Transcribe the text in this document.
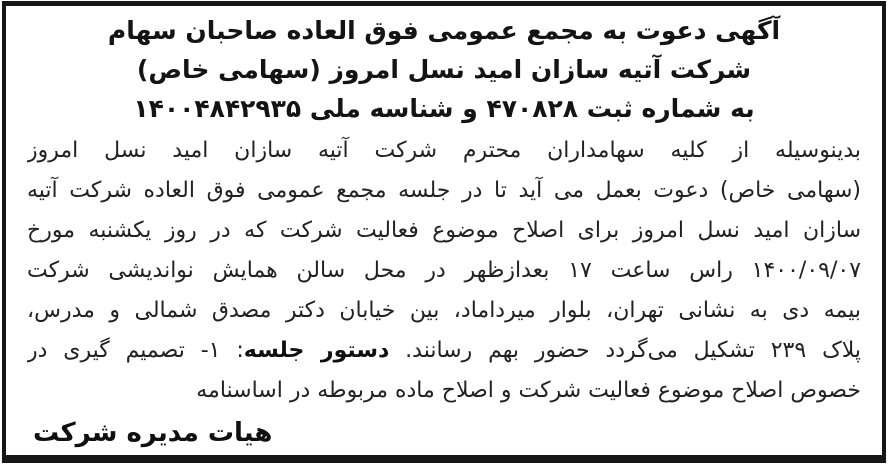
آگهی دعوت به مجمع عمومی فوق العاده صاحبان سهام
شرکت آتیه سازان امید نسل امروز (سهامی خاص)
به شماره ثبت ۴۷۰۸۲۸ و شناسه ملی ۱۴۰۰۴۸۴۲۹۳۵
بدینوسیله از کلیه سهامداران محترم شرکت آتیه سازان امید نسل امروز
(سهامی خاص) دعوت بعمل می آید تا در جلسه مجمع عمومی فوق العاده شرکت آتیه
سازان امید نسل امروز برای اصلاح موضوع فعالیت شرکت که در روز یکشنبه مورخ
۱۴۰۰/۰۹/۰۷ راس ساعت ۱۷ بعدازظهر در محل سالن همایش نواندیشی شرکت
بیمه دی به نشانی تهران، بلوار میرداماد، بین خیابان دکتر مصدق شمالی و مدرس،
پلاک ۲۳۹ تشکیل می‌گردد حضور بهم رسانند. دستور جلسه: ۱- تصمیم گیری در
خصوص اصلاح موضوع فعالیت شرکت و اصلاح ماده مربوطه در اساسنامه
هیات مدیره شرکت
